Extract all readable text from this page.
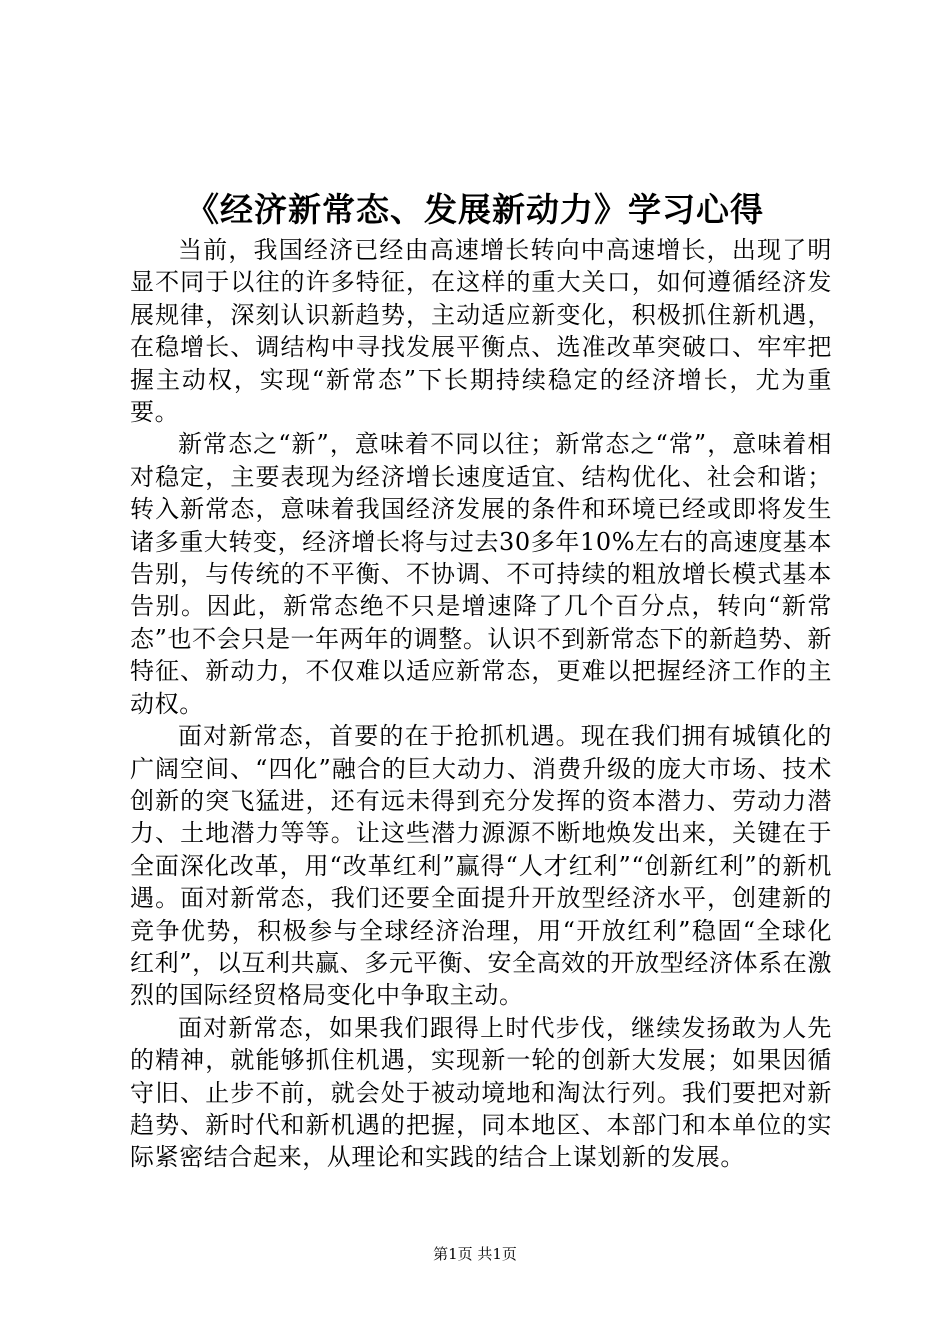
《经济新常态、发展新动力》学习心得

当前，我国经济已经由高速增长转向中高速增长，出现了明显不同于以往的许多特征，在这样的重大关口，如何遵循经济发展规律，深刻认识新趋势，主动适应新变化，积极抓住新机遇，在稳增长、调结构中寻找发展平衡点、选准改革突破口、牢牢把握主动权，实现“新常态”下长期持续稳定的经济增长，尤为重要。

新常态之“新”，意味着不同以往；新常态之“常”，意味着相对稳定，主要表现为经济增长速度适宜、结构优化、社会和谐；转入新常态，意味着我国经济发展的条件和环境已经或即将发生诸多重大转变，经济增长将与过去30多年10%左右的高速度基本告别，与传统的不平衡、不协调、不可持续的粗放增长模式基本告别。因此，新常态绝不只是增速降了几个百分点，转向“新常态”也不会只是一年两年的调整。认识不到新常态下的新趋势、新特征、新动力，不仅难以适应新常态，更难以把握经济工作的主动权。

面对新常态，首要的在于抢抓机遇。现在我们拥有城镇化的广阔空间、“四化”融合的巨大动力、消费升级的庞大市场、技术创新的突飞猛进，还有远未得到充分发挥的资本潜力、劳动力潜力、土地潜力等等。让这些潜力源源不断地焕发出来，关键在于全面深化改革，用“改革红利”赢得“人才红利”“创新红利”的新机遇。面对新常态，我们还要全面提升开放型经济水平，创建新的竞争优势，积极参与全球经济治理，用“开放红利”稳固“全球化红利”，以互利共赢、多元平衡、安全高效的开放型经济体系在激烈的国际经贸格局变化中争取主动。

面对新常态，如果我们跟得上时代步伐，继续发扬敢为人先的精神，就能够抓住机遇，实现新一轮的创新大发展；如果因循守旧、止步不前，就会处于被动境地和淘汰行列。我们要把对新趋势、新时代和新机遇的把握，同本地区、本部门和本单位的实际紧密结合起来，从理论和实践的结合上谋划新的发展。

第1页 共1页
